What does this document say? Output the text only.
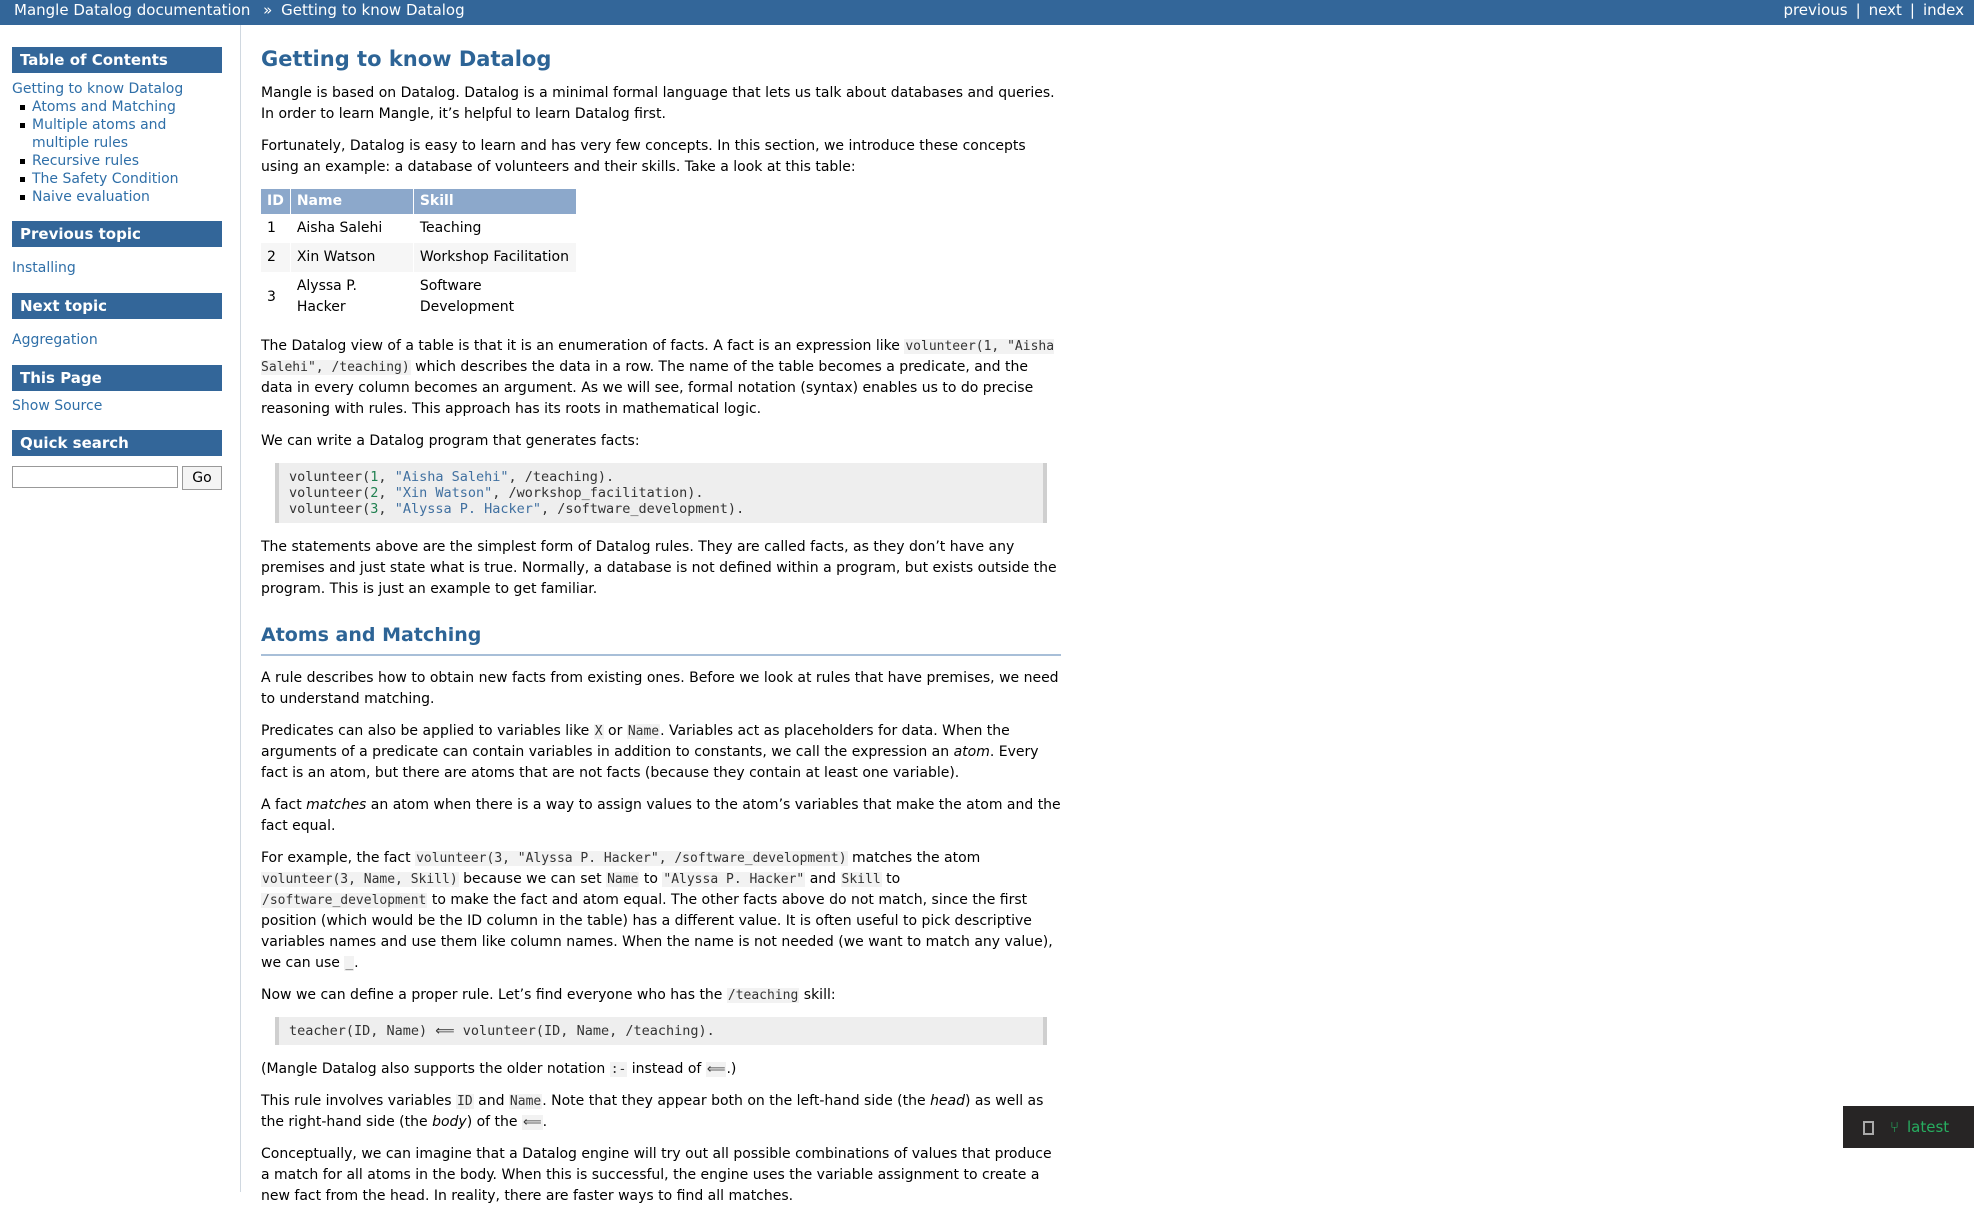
Mangle Datalog documentation » Getting to know Datalog	previous | next | index
Table of Contents
Getting to know Datalog
Atoms and Matching
Multiple atoms and multiple rules
Recursive rules
The Safety Condition
Naive evaluation
Previous topic
Installing
Next topic
Aggregation
This Page
Show Source
Quick search
Go
Getting to know Datalog

Mangle is based on Datalog. Datalog is a minimal formal language that lets us talk about databases and queries. In order to learn Mangle, it’s helpful to learn Datalog first.

Fortunately, Datalog is easy to learn and has very few concepts. In this section, we introduce these concepts using an example: a database of volunteers and their skills. Take a look at this table:

ID	Name	Skill
1	Aisha Salehi	Teaching
2	Xin Watson	Workshop Facilitation
3	Alyssa P. Hacker	Software Development

The Datalog view of a table is that it is an enumeration of facts. A fact is an expression like volunteer(1, "Aisha Salehi", /teaching) which describes the data in a row. The name of the table becomes a predicate, and the data in every column becomes an argument. As we will see, formal notation (syntax) enables us to do precise reasoning with rules. This approach has its roots in mathematical logic.

We can write a Datalog program that generates facts:

volunteer(1, "Aisha Salehi", /teaching).
volunteer(2, "Xin Watson", /workshop_facilitation).
volunteer(3, "Alyssa P. Hacker", /software_development).

The statements above are the simplest form of Datalog rules. They are called facts, as they don’t have any premises and just state what is true. Normally, a database is not defined within a program, but exists outside the program. This is just an example to get familiar.

Atoms and Matching

A rule describes how to obtain new facts from existing ones. Before we look at rules that have premises, we need to understand matching.

Predicates can also be applied to variables like X or Name. Variables act as placeholders for data. When the arguments of a predicate can contain variables in addition to constants, we call the expression an atom. Every fact is an atom, but there are atoms that are not facts (because they contain at least one variable).

A fact matches an atom when there is a way to assign values to the atom’s variables that make the atom and the fact equal.

For example, the fact volunteer(3, "Alyssa P. Hacker", /software_development) matches the atom volunteer(3, Name, Skill) because we can set Name to "Alyssa P. Hacker" and Skill to /software_development to make the fact and atom equal. The other facts above do not match, since the first position (which would be the ID column in the table) has a different value. It is often useful to pick descriptive variables names and use them like column names. When the name is not needed (we want to match any value), we can use _.

Now we can define a proper rule. Let’s find everyone who has the /teaching skill:

teacher(ID, Name) ⟸ volunteer(ID, Name, /teaching).

(Mangle Datalog also supports the older notation :- instead of ⟸.)

This rule involves variables ID and Name. Note that they appear both on the left-hand side (the head) as well as the right-hand side (the body) of the ⟸.

Conceptually, we can imagine that a Datalog engine will try out all possible combinations of values that produce a match for all atoms in the body. When this is successful, the engine uses the variable assignment to create a new fact from the head. In reality, there are faster ways to find all matches.

⑂ latest
